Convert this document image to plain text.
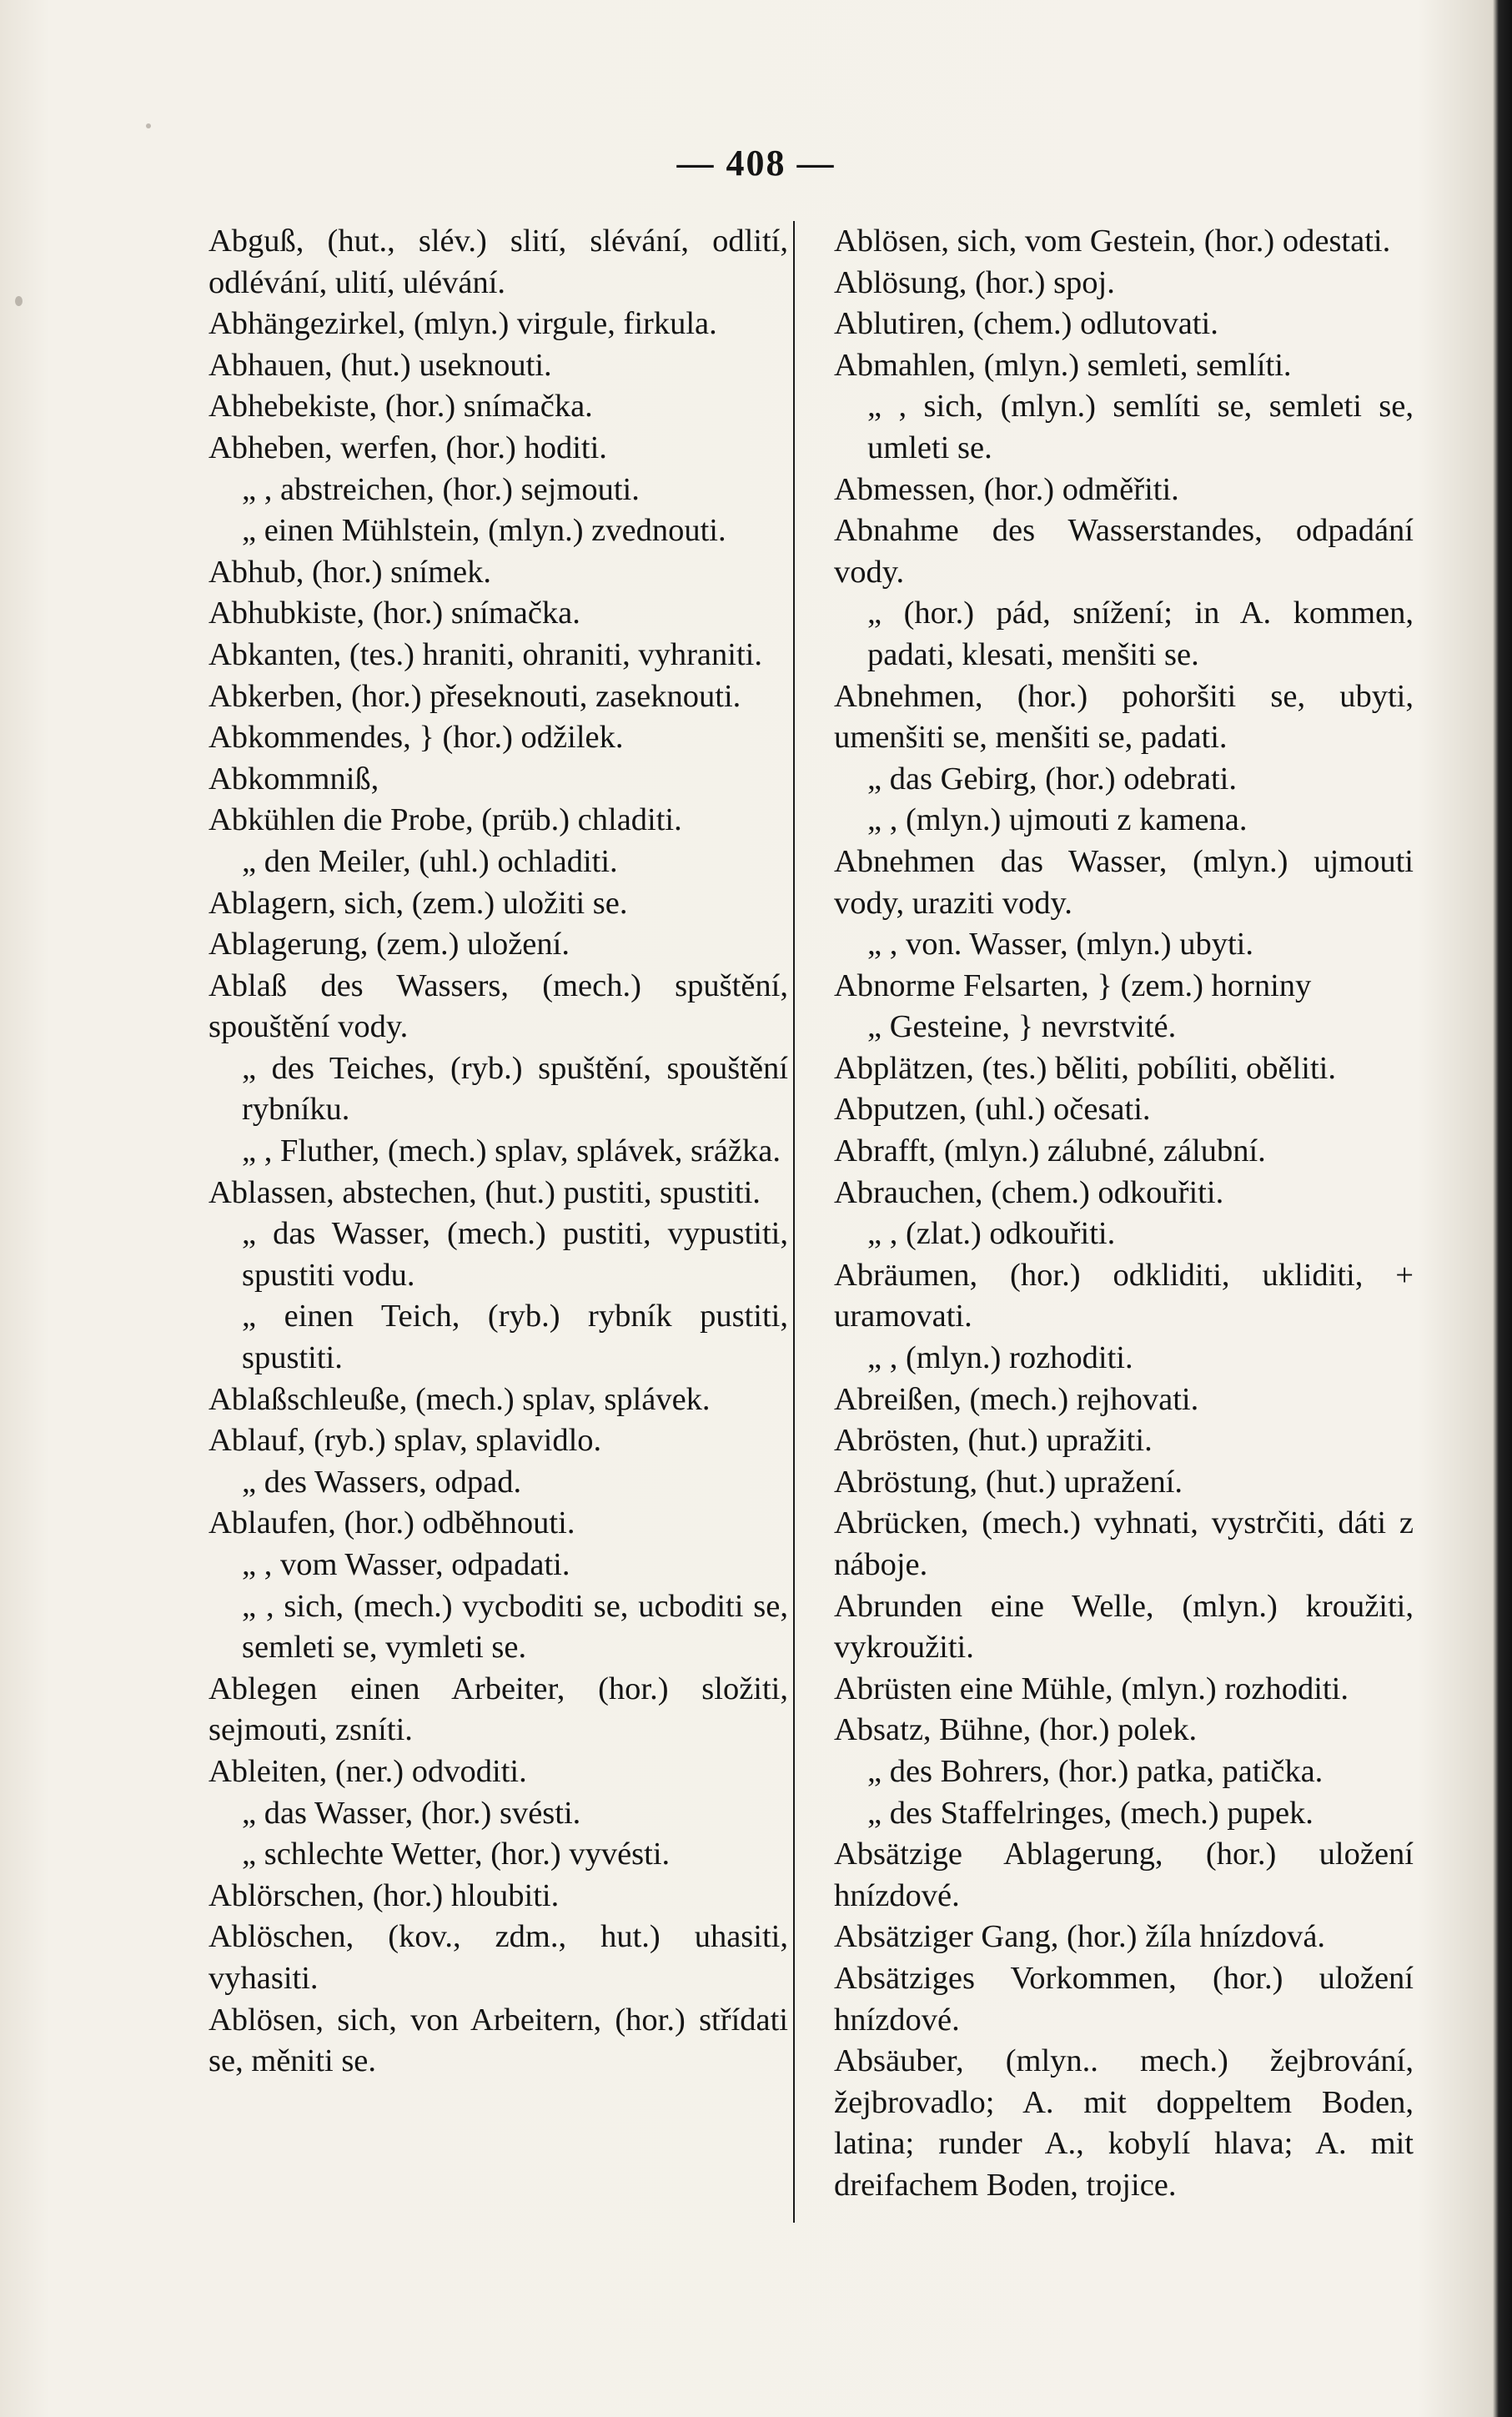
— 408 —
Abguß, (hut., slév.) slití, slévání, odlití, odlévání, ulití, ulévání.
Abhängezirkel, (mlyn.) virgule, firkula.
Abhauen, (hut.) useknouti.
Abhebekiste, (hor.) snímačka.
Abheben, werfen, (hor.) hoditi.
„ , abstreichen, (hor.) sejmouti.
„ einen Mühlstein, (mlyn.) zvednouti.
Abhub, (hor.) snímek.
Abhubkiste, (hor.) snímačka.
Abkanten, (tes.) hraniti, ohraniti, vyhraniti.
Abkerben, (hor.) přeseknouti, zaseknouti.
Abkommendes, } (hor.) odžilek.
Abkommniß,
Abkühlen die Probe, (prüb.) chladiti.
„ den Meiler, (uhl.) ochladiti.
Ablagern, sich, (zem.) uložiti se.
Ablagerung, (zem.) uložení.
Ablaß des Wassers, (mech.) spuštění, spouštění vody.
„ des Teiches, (ryb.) spuštění, spouštění rybníku.
„ , Fluther, (mech.) splav, splávek, srážka.
Ablassen, abstechen, (hut.) pustiti, spustiti.
„ das Wasser, (mech.) pustiti, vypustiti, spustiti vodu.
„ einen Teich, (ryb.) rybník pustiti, spustiti.
Ablaßschleuße, (mech.) splav, splávek.
Ablauf, (ryb.) splav, splavidlo.
„ des Wassers, odpad.
Ablaufen, (hor.) odběhnouti.
„ , vom Wasser, odpadati.
„ , sich, (mech.) vycboditi se, ucboditi se, semleti se, vymleti se.
Ablegen einen Arbeiter, (hor.) složiti, sejmouti, zsníti.
Ableiten, (ner.) odvoditi.
„ das Wasser, (hor.) svésti.
„ schlechte Wetter, (hor.) vyvésti.
Ablörschen, (hor.) hloubiti.
Ablöschen, (kov., zdm., hut.) uhasiti, vyhasiti.
Ablösen, sich, von Arbeitern, (hor.) střídati se, měniti se.
Ablösen, sich, vom Gestein, (hor.) odestati.
Ablösung, (hor.) spoj.
Ablutiren, (chem.) odlutovati.
Abmahlen, (mlyn.) semleti, semlíti.
„ , sich, (mlyn.) semlíti se, semleti se, umleti se.
Abmessen, (hor.) odměřiti.
Abnahme des Wasserstandes, odpadání vody.
„ (hor.) pád, snížení; in A. kommen, padati, klesati, menšiti se.
Abnehmen, (hor.) pohoršiti se, ubyti, umenšiti se, menšiti se, padati.
„ das Gebirg, (hor.) odebrati.
„ , (mlyn.) ujmouti z kamena.
Abnehmen das Wasser, (mlyn.) ujmouti vody, uraziti vody.
„ , von. Wasser, (mlyn.) ubyti.
Abnorme Felsarten, } (zem.) horniny
„ Gesteine, } nevrstvité.
Abplätzen, (tes.) běliti, pobíliti, oběliti.
Abputzen, (uhl.) očesati.
Abrafft, (mlyn.) zálubné, zálubní.
Abrauchen, (chem.) odkouřiti.
„ , (zlat.) odkouřiti.
Abräumen, (hor.) odkliditi, ukliditi, + uramovati.
„ , (mlyn.) rozhoditi.
Abreißen, (mech.) rejhovati.
Abrösten, (hut.) upražiti.
Abröstung, (hut.) upražení.
Abrücken, (mech.) vyhnati, vystrčiti, dáti z náboje.
Abrunden eine Welle, (mlyn.) kroužiti, vykroužiti.
Abrüsten eine Mühle, (mlyn.) rozhoditi.
Absatz, Bühne, (hor.) polek.
„ des Bohrers, (hor.) patka, patička.
„ des Staffelringes, (mech.) pupek.
Absätzige Ablagerung, (hor.) uložení hnízdové.
Absätziger Gang, (hor.) žíla hnízdová.
Absätziges Vorkommen, (hor.) uložení hnízdové.
Absäuber, (mlyn.. mech.) žejbrování, žejbrovadlo; A. mit doppeltem Boden, latina; runder A., kobylí hlava; A. mit dreifachem Boden, trojice.
